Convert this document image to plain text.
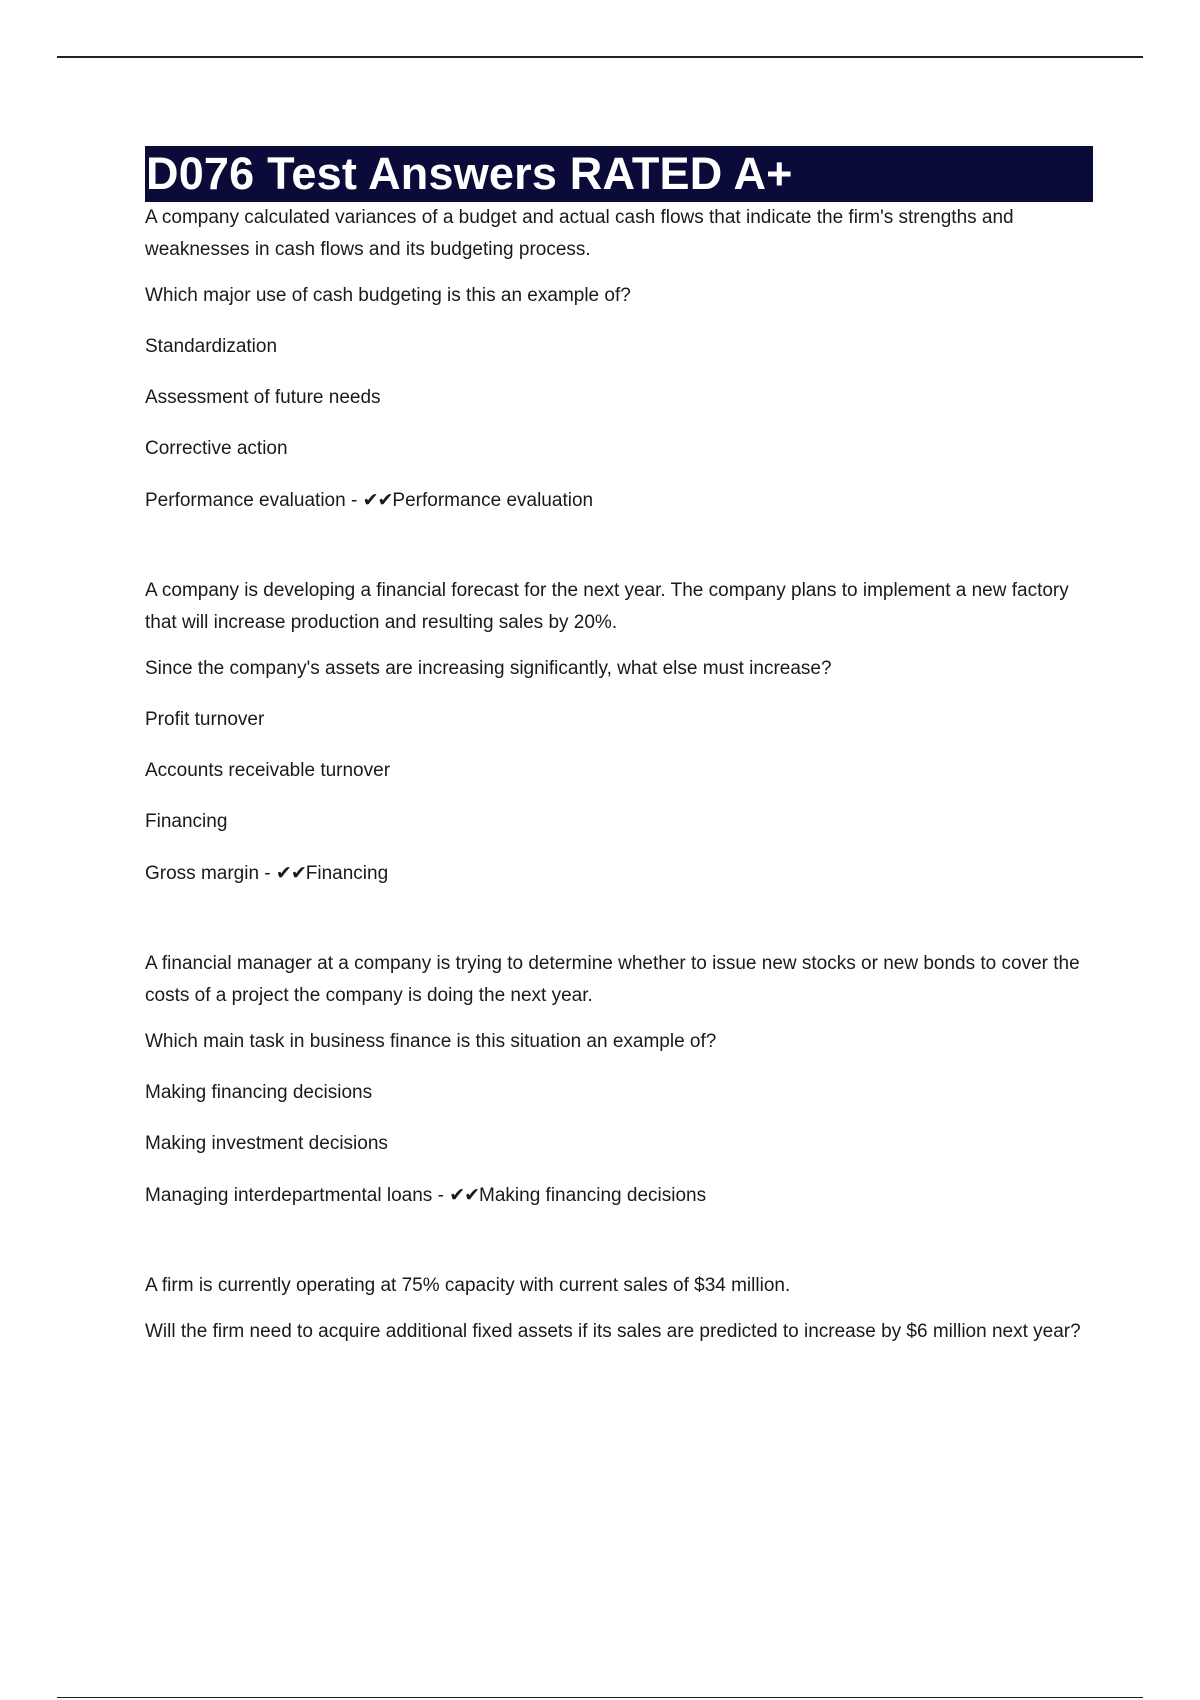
D076 Test Answers RATED A+

A company calculated variances of a budget and actual cash flows that indicate the firm's strengths and weaknesses in cash flows and its budgeting process.

Which major use of cash budgeting is this an example of?

Standardization

Assessment of future needs

Corrective action

Performance evaluation - ✔✔Performance evaluation

A company is developing a financial forecast for the next year. The company plans to implement a new factory that will increase production and resulting sales by 20%.

Since the company's assets are increasing significantly, what else must increase?

Profit turnover

Accounts receivable turnover

Financing

Gross margin - ✔✔Financing

A financial manager at a company is trying to determine whether to issue new stocks or new bonds to cover the costs of a project the company is doing the next year.

Which main task in business finance is this situation an example of?

Making financing decisions

Making investment decisions

Managing interdepartmental loans - ✔✔Making financing decisions

A firm is currently operating at 75% capacity with current sales of $34 million.

Will the firm need to acquire additional fixed assets if its sales are predicted to increase by $6 million next year?
